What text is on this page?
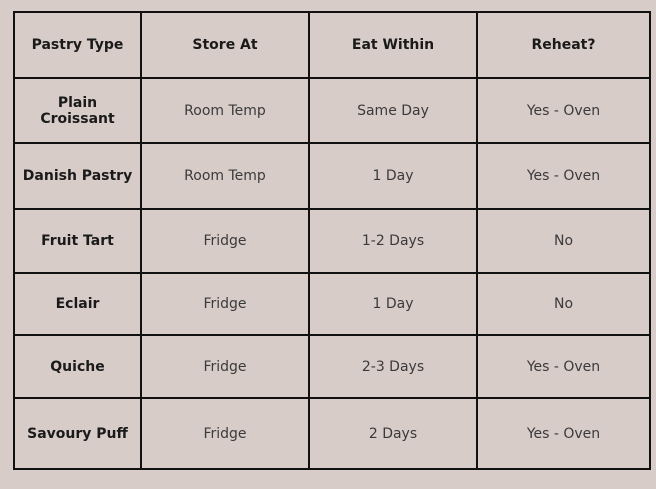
Pastry Type	Store At	Eat Within	Reheat?
Plain Croissant	Room Temp	Same Day	Yes - Oven
Danish Pastry	Room Temp	1 Day	Yes - Oven
Fruit Tart	Fridge	1-2 Days	No
Eclair	Fridge	1 Day	No
Quiche	Fridge	2-3 Days	Yes - Oven
Savoury Puff	Fridge	2 Days	Yes - Oven
